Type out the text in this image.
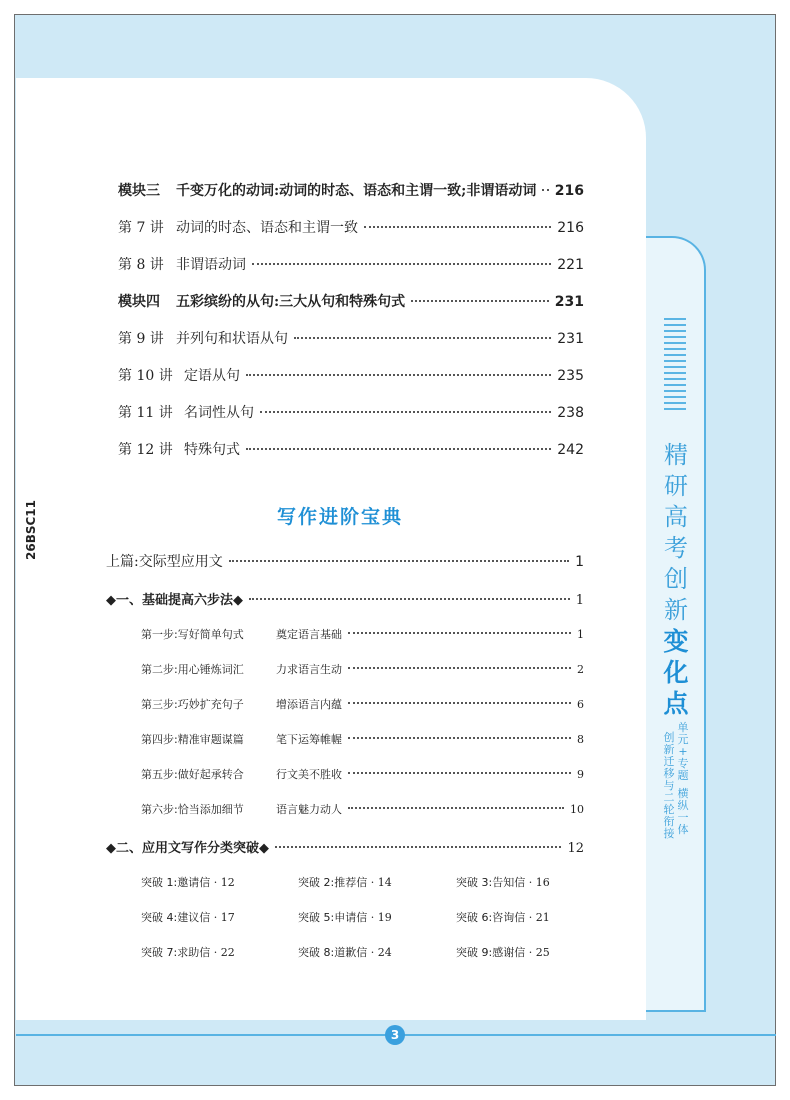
精
研
高
考
创
新
变
化
点
单
元
+
专
题
横
纵
一
体
创
新
迁
移
与
二
轮
衔
接
3
26BSC11
模块三	千变万化的动词:动词的时态、语态和主谓一致;非谓语动词 216
第 7 讲 动词的时态、语态和主谓一致	216
第 8 讲 非谓语动词	221
模块四	五彩缤纷的从句:三大从句和特殊句式	231
第 9 讲 并列句和状语从句	231
第 10 讲 定语从句	235
第 11 讲 名词性从句	238
第 12 讲 特殊句式	242
写作进阶宝典
上篇:交际型应用文	1
◆一、基础提高六步法◆	1
第一步:写好简单句式	奠定语言基础	1
第二步:用心锤炼词汇	力求语言生动	2
第三步:巧妙扩充句子	增添语言内蕴	6
第四步:精准审题谋篇	笔下运筹帷幄	8
第五步:做好起承转合	行文美不胜收	9
第六步:恰当添加细节	语言魅力动人	10
◆二、应用文写作分类突破◆	12
突破 1:邀请信 · 12	突破 2:推荐信 · 14	突破 3:告知信 · 16
突破 4:建议信 · 17	突破 5:申请信 · 19	突破 6:咨询信 · 21
突破 7:求助信 · 22	突破 8:道歉信 · 24	突破 9:感谢信 · 25
